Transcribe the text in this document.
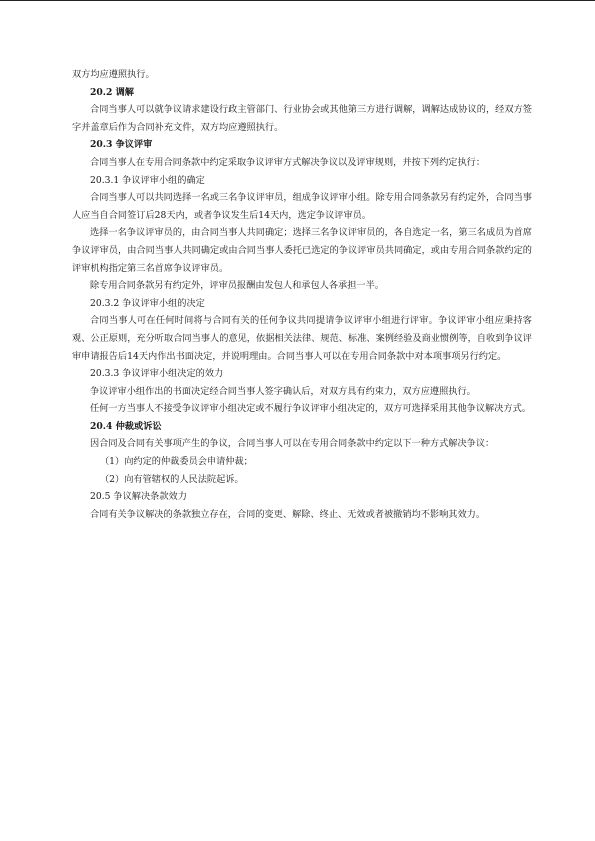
双方均应遵照执行。

20.2 调解

合同当事人可以就争议请求建设行政主管部门、行业协会或其他第三方进行调解，调解达成协议的，经双方签字并盖章后作为合同补充文件，双方均应遵照执行。

20.3 争议评审

合同当事人在专用合同条款中约定采取争议评审方式解决争议以及评审规则，并按下列约定执行：

20.3.1 争议评审小组的确定

合同当事人可以共同选择一名或三名争议评审员，组成争议评审小组。除专用合同条款另有约定外，合同当事人应当自合同签订后28天内，或者争议发生后14天内，选定争议评审员。

选择一名争议评审员的，由合同当事人共同确定；选择三名争议评审员的，各自选定一名，第三名成员为首席争议评审员，由合同当事人共同确定或由合同当事人委托已选定的争议评审员共同确定，或由专用合同条款约定的评审机构指定第三名首席争议评审员。

除专用合同条款另有约定外，评审员报酬由发包人和承包人各承担一半。

20.3.2 争议评审小组的决定

合同当事人可在任何时间将与合同有关的任何争议共同提请争议评审小组进行评审。争议评审小组应秉持客观、公正原则，充分听取合同当事人的意见，依据相关法律、规范、标准、案例经验及商业惯例等，自收到争议评审申请报告后14天内作出书面决定，并说明理由。合同当事人可以在专用合同条款中对本项事项另行约定。

20.3.3 争议评审小组决定的效力

争议评审小组作出的书面决定经合同当事人签字确认后，对双方具有约束力，双方应遵照执行。

任何一方当事人不接受争议评审小组决定或不履行争议评审小组决定的，双方可选择采用其他争议解决方式。

20.4 仲裁或诉讼

因合同及合同有关事项产生的争议，合同当事人可以在专用合同条款中约定以下一种方式解决争议：

（1）向约定的仲裁委员会申请仲裁；

（2）向有管辖权的人民法院起诉。

20.5 争议解决条款效力

合同有关争议解决的条款独立存在，合同的变更、解除、终止、无效或者被撤销均不影响其效力。
